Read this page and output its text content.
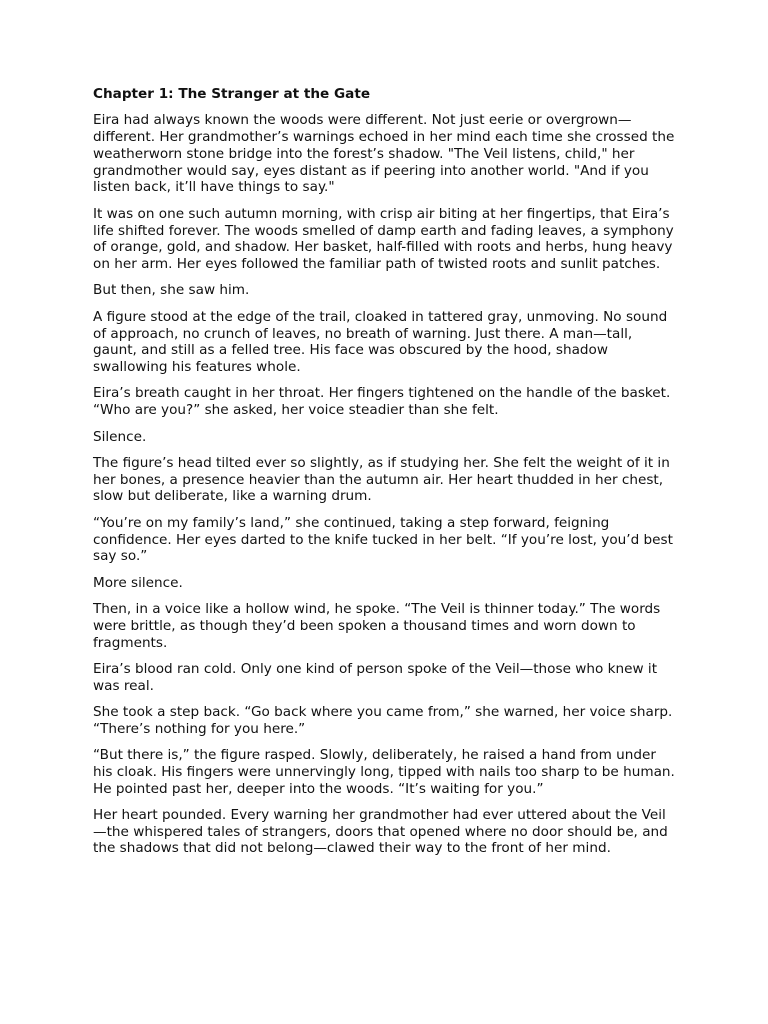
Chapter 1: The Stranger at the Gate

Eira had always known the woods were different. Not just eerie or overgrown—different. Her grandmother’s warnings echoed in her mind each time she crossed the weatherworn stone bridge into the forest’s shadow. "The Veil listens, child," her grandmother would say, eyes distant as if peering into another world. "And if you listen back, it’ll have things to say."

It was on one such autumn morning, with crisp air biting at her fingertips, that Eira’s life shifted forever. The woods smelled of damp earth and fading leaves, a symphony of orange, gold, and shadow. Her basket, half-filled with roots and herbs, hung heavy on her arm. Her eyes followed the familiar path of twisted roots and sunlit patches.

But then, she saw him.

A figure stood at the edge of the trail, cloaked in tattered gray, unmoving. No sound of approach, no crunch of leaves, no breath of warning. Just there. A man—tall, gaunt, and still as a felled tree. His face was obscured by the hood, shadow swallowing his features whole.

Eira’s breath caught in her throat. Her fingers tightened on the handle of the basket. “Who are you?” she asked, her voice steadier than she felt.

Silence.

The figure’s head tilted ever so slightly, as if studying her. She felt the weight of it in her bones, a presence heavier than the autumn air. Her heart thudded in her chest, slow but deliberate, like a warning drum.

“You’re on my family’s land,” she continued, taking a step forward, feigning confidence. Her eyes darted to the knife tucked in her belt. “If you’re lost, you’d best say so.”

More silence.

Then, in a voice like a hollow wind, he spoke. “The Veil is thinner today.” The words were brittle, as though they’d been spoken a thousand times and worn down to fragments.

Eira’s blood ran cold. Only one kind of person spoke of the Veil—those who knew it was real.

She took a step back. “Go back where you came from,” she warned, her voice sharp. “There’s nothing for you here.”

“But there is,” the figure rasped. Slowly, deliberately, he raised a hand from under his cloak. His fingers were unnervingly long, tipped with nails too sharp to be human. He pointed past her, deeper into the woods. “It’s waiting for you.”

Her heart pounded. Every warning her grandmother had ever uttered about the Veil—the whispered tales of strangers, doors that opened where no door should be, and the shadows that did not belong—clawed their way to the front of her mind.
